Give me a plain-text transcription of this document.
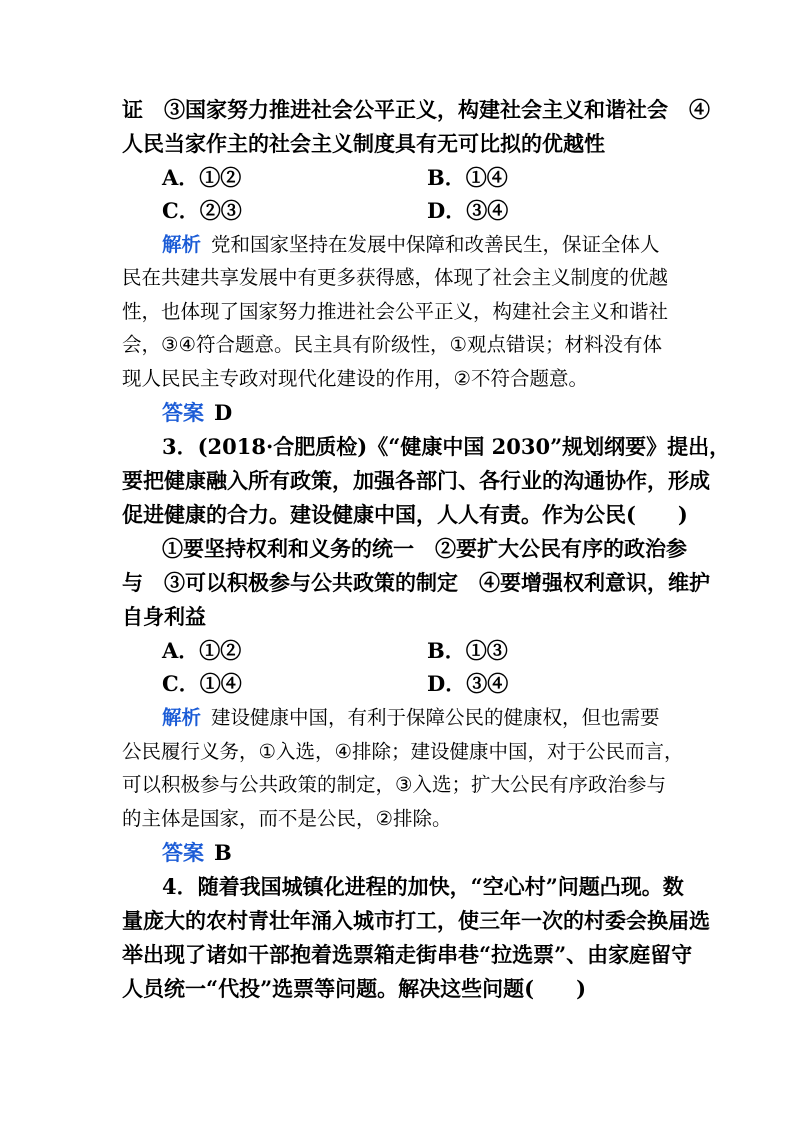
证　③国家努力推进社会公平正义，构建社会主义和谐社会　④
人民当家作主的社会主义制度具有无可比拟的优越性
A．①②	B．①④
C．②③	D．③④
解析 党和国家坚持在发展中保障和改善民生，保证全体人
民在共建共享发展中有更多获得感，体现了社会主义制度的优越
性，也体现了国家努力推进社会公平正义，构建社会主义和谐社
会，③④符合题意。民主具有阶级性，①观点错误；材料没有体
现人民民主专政对现代化建设的作用，②不符合题意。
答案 D
3．(2018·合肥质检)《“健康中国 2030”规划纲要》提出，
要把健康融入所有政策，加强各部门、各行业的沟通协作，形成
促进健康的合力。建设健康中国，人人有责。作为公民(　　)
①要坚持权利和义务的统一　②要扩大公民有序的政治参
与　③可以积极参与公共政策的制定　④要增强权利意识，维护
自身利益
A．①②	B．①③
C．①④	D．③④
解析 建设健康中国，有利于保障公民的健康权，但也需要
公民履行义务，①入选，④排除；建设健康中国，对于公民而言，
可以积极参与公共政策的制定，③入选；扩大公民有序政治参与
的主体是国家，而不是公民，②排除。
答案 B
4．随着我国城镇化进程的加快，“空心村”问题凸现。数
量庞大的农村青壮年涌入城市打工，使三年一次的村委会换届选
举出现了诸如干部抱着选票箱走街串巷“拉选票”、由家庭留守
人员统一“代投”选票等问题。解决这些问题(　　)
